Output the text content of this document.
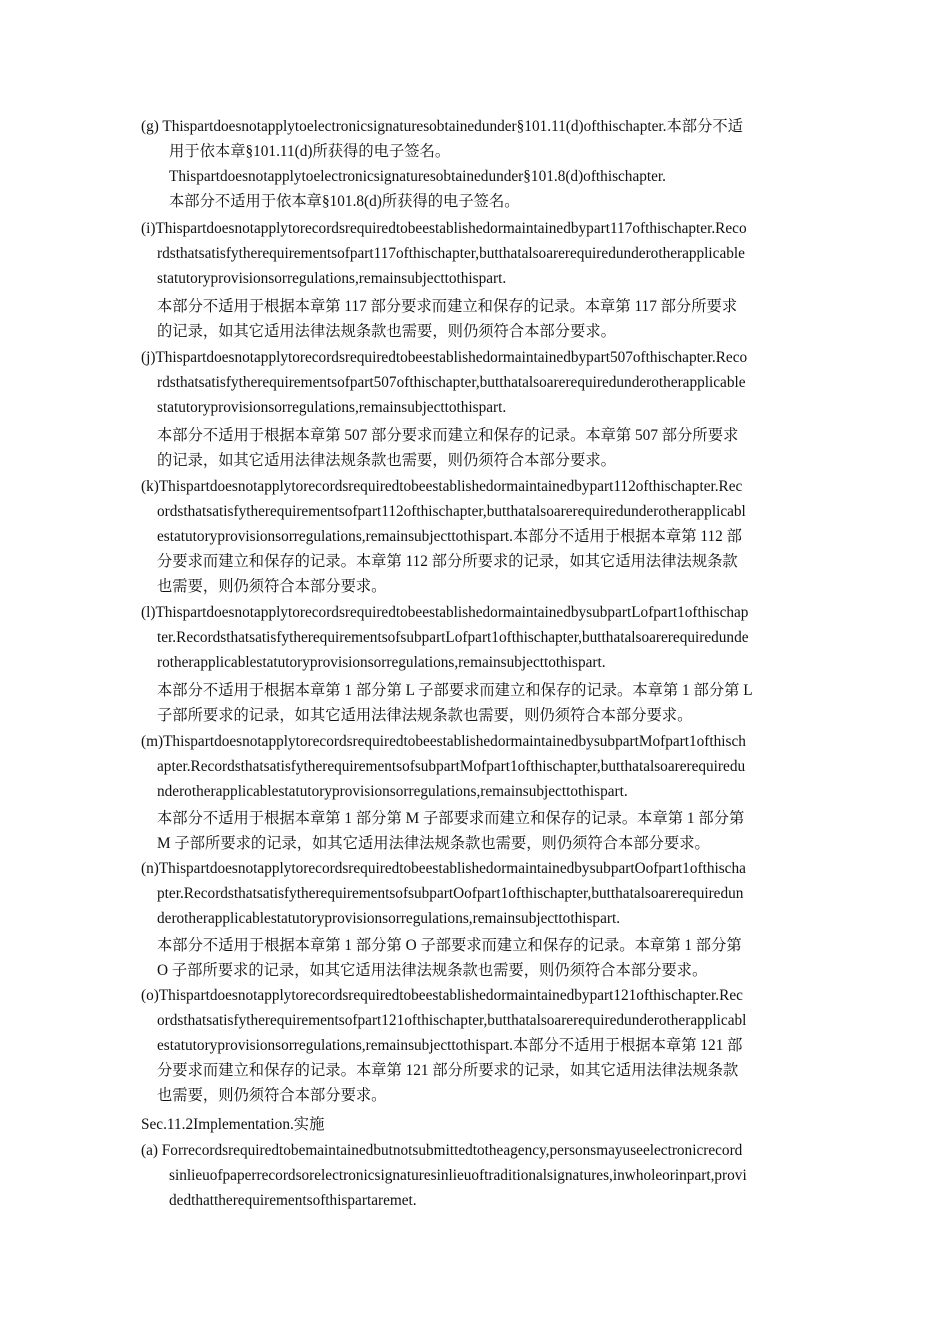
(g) Thispartdoesnotapplytoelectronicsignaturesobtainedunder§101.11(d)ofthischapter.本部分不适
用于依本章§101.11(d)所获得的电子签名。
Thispartdoesnotapplytoelectronicsignaturesobtainedunder§101.8(d)ofthischapter.
本部分不适用于依本章§101.8(d)所获得的电子签名。
(i)Thispartdoesnotapplytorecordsrequiredtobeestablishedormaintainedbypart117ofthischapter.Reco
rdsthatsatisfytherequirementsofpart117ofthischapter,butthatalsoarerequiredunderotherapplicable
statutoryprovisionsorregulations,remainsubjecttothispart.
本部分不适用于根据本章第 117 部分要求而建立和保存的记录。本章第 117 部分所要求
的记录，如其它适用法律法规条款也需要，则仍须符合本部分要求。
(j)Thispartdoesnotapplytorecordsrequiredtobeestablishedormaintainedbypart507ofthischapter.Reco
rdsthatsatisfytherequirementsofpart507ofthischapter,butthatalsoarerequiredunderotherapplicable
statutoryprovisionsorregulations,remainsubjecttothispart.
本部分不适用于根据本章第 507 部分要求而建立和保存的记录。本章第 507 部分所要求
的记录，如其它适用法律法规条款也需要，则仍须符合本部分要求。
(k)Thispartdoesnotapplytorecordsrequiredtobeestablishedormaintainedbypart112ofthischapter.Rec
ordsthatsatisfytherequirementsofpart112ofthischapter,butthatalsoarerequiredunderotherapplicabl
estatutoryprovisionsorregulations,remainsubjecttothispart.本部分不适用于根据本章第 112 部
分要求而建立和保存的记录。本章第 112 部分所要求的记录，如其它适用法律法规条款
也需要，则仍须符合本部分要求。
(l)ThispartdoesnotapplytorecordsrequiredtobeestablishedormaintainedbysubpartLofpart1ofthischap
ter.RecordsthatsatisfytherequirementsofsubpartLofpart1ofthischapter,butthatalsoarerequiredunde
rotherapplicablestatutoryprovisionsorregulations,remainsubjecttothispart.
本部分不适用于根据本章第 1 部分第 L 子部要求而建立和保存的记录。本章第 1 部分第 L
子部所要求的记录，如其它适用法律法规条款也需要，则仍须符合本部分要求。
(m)ThispartdoesnotapplytorecordsrequiredtobeestablishedormaintainedbysubpartMofpart1ofthisch
apter.RecordsthatsatisfytherequirementsofsubpartMofpart1ofthischapter,butthatalsoarerequiredu
nderotherapplicablestatutoryprovisionsorregulations,remainsubjecttothispart.
本部分不适用于根据本章第 1 部分第 M 子部要求而建立和保存的记录。本章第 1 部分第
M 子部所要求的记录，如其它适用法律法规条款也需要，则仍须符合本部分要求。
(n)ThispartdoesnotapplytorecordsrequiredtobeestablishedormaintainedbysubpartOofpart1ofthischa
pter.RecordsthatsatisfytherequirementsofsubpartOofpart1ofthischapter,butthatalsoarerequiredun
derotherapplicablestatutoryprovisionsorregulations,remainsubjecttothispart.
本部分不适用于根据本章第 1 部分第 O 子部要求而建立和保存的记录。本章第 1 部分第
O 子部所要求的记录，如其它适用法律法规条款也需要，则仍须符合本部分要求。
(o)Thispartdoesnotapplytorecordsrequiredtobeestablishedormaintainedbypart121ofthischapter.Rec
ordsthatsatisfytherequirementsofpart121ofthischapter,butthatalsoarerequiredunderotherapplicabl
estatutoryprovisionsorregulations,remainsubjecttothispart.本部分不适用于根据本章第 121 部
分要求而建立和保存的记录。本章第 121 部分所要求的记录，如其它适用法律法规条款
也需要，则仍须符合本部分要求。
Sec.11.2Implementation.实施
(a) Forrecordsrequiredtobemaintainedbutnotsubmittedtotheagency,personsmayuseelectronicrecord
sinlieuofpaperrecordsorelectronicsignaturesinlieuoftraditionalsignatures,inwholeorinpart,provi
dedthattherequirementsofthispartaremet.
